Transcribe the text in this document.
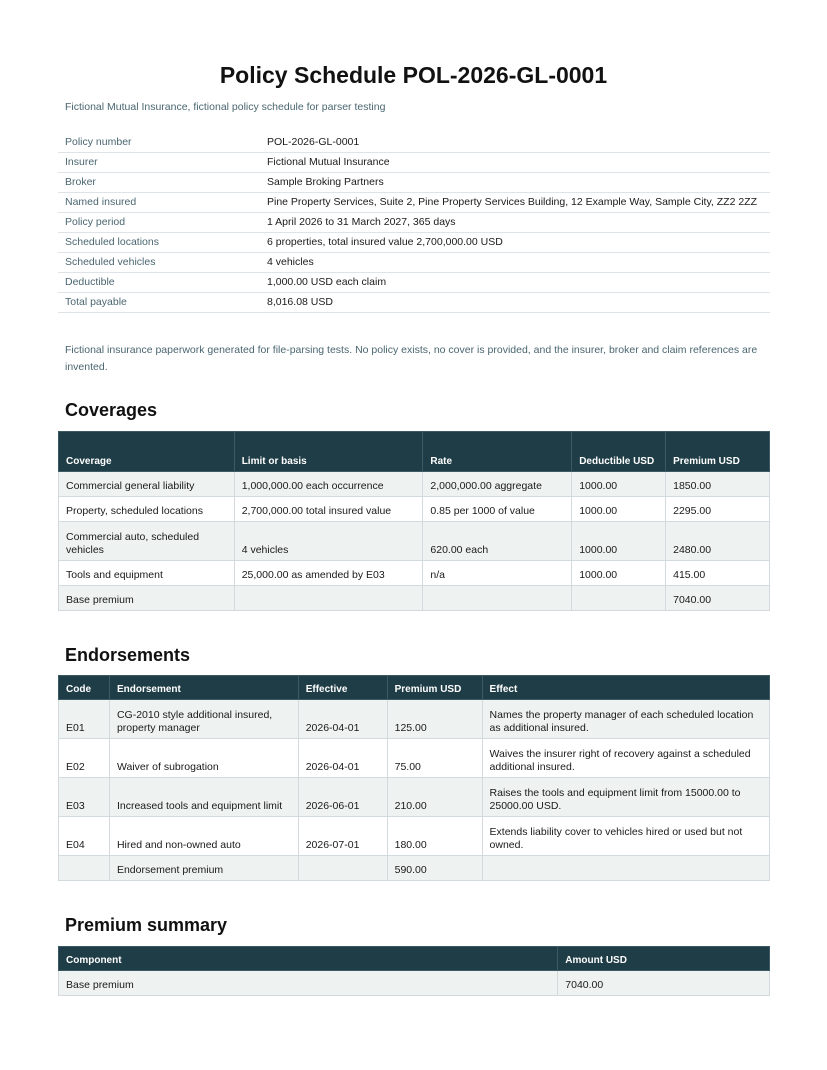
Policy Schedule POL-2026-GL-0001
Fictional Mutual Insurance, fictional policy schedule for parser testing
Policy number	POL-2026-GL-0001
Insurer	Fictional Mutual Insurance
Broker	Sample Broking Partners
Named insured	Pine Property Services, Suite 2, Pine Property Services Building, 12 Example Way, Sample City, ZZ2 2ZZ
Policy period	1 April 2026 to 31 March 2027, 365 days
Scheduled locations	6 properties, total insured value 2,700,000.00 USD
Scheduled vehicles	4 vehicles
Deductible	1,000.00 USD each claim
Total payable	8,016.08 USD
Fictional insurance paperwork generated for file-parsing tests. No policy exists, no cover is provided, and the insurer, broker and claim references are invented.
Coverages
Coverage	Limit or basis	Rate	Deductible USD	Premium USD
Commercial general liability	1,000,000.00 each occurrence	2,000,000.00 aggregate	1000.00	1850.00
Property, scheduled locations	2,700,000.00 total insured value	0.85 per 1000 of value	1000.00	2295.00
Commercial auto, scheduled vehicles	4 vehicles	620.00 each	1000.00	2480.00
Tools and equipment	25,000.00 as amended by E03	n/a	1000.00	415.00
Base premium				7040.00
Endorsements
Code	Endorsement	Effective	Premium USD	Effect
E01	CG-2010 style additional insured, property manager	2026-04-01	125.00	Names the property manager of each scheduled location as additional insured.
E02	Waiver of subrogation	2026-04-01	75.00	Waives the insurer right of recovery against a scheduled additional insured.
E03	Increased tools and equipment limit	2026-06-01	210.00	Raises the tools and equipment limit from 15000.00 to 25000.00 USD.
E04	Hired and non-owned auto	2026-07-01	180.00	Extends liability cover to vehicles hired or used but not owned.
	Endorsement premium		590.00	
Premium summary
Component	Amount USD
Base premium	7040.00
